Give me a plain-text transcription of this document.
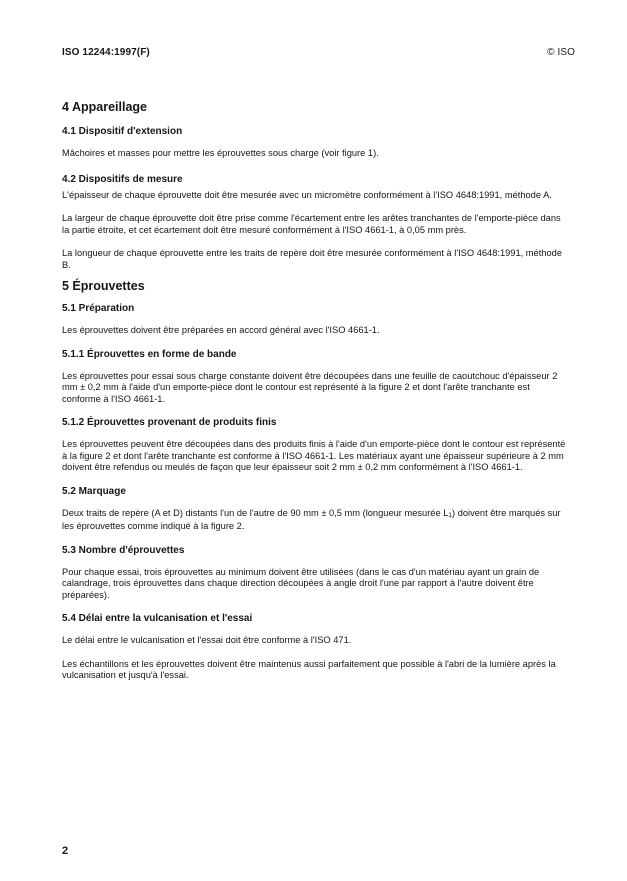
ISO 12244:1997(F)	© ISO
4 Appareillage
4.1 Dispositif d'extension
Mâchoires et masses pour mettre les éprouvettes sous charge (voir figure 1).
4.2 Dispositifs de mesure
L'épaisseur de chaque éprouvette doit être mesurée avec un micromètre conformément à l'ISO 4648:1991, méthode A.
La largeur de chaque éprouvette doit être prise comme l'écartement entre les arêtes tranchantes de l'emporte-pièce dans la partie étroite, et cet écartement doit être mesuré conformément à l'ISO 4661-1, à 0,05 mm près.
La longueur de chaque éprouvette entre les traits de repère doit être mesurée conformément à l'ISO 4648:1991, méthode B.
5 Éprouvettes
5.1 Préparation
Les éprouvettes doivent être préparées en accord général avec l'ISO 4661-1.
5.1.1 Éprouvettes en forme de bande
Les éprouvettes pour essai sous charge constante doivent être découpées dans une feuille de caoutchouc d'épaisseur 2 mm ± 0,2 mm à l'aide d'un emporte-pièce dont le contour est représenté à la figure 2 et dont l'arête tranchante est conforme à l'ISO 4661-1.
5.1.2 Éprouvettes provenant de produits finis
Les éprouvettes peuvent être découpées dans des produits finis à l'aide d'un emporte-pièce dont le contour est représenté à la figure 2 et dont l'arête tranchante est conforme à l'ISO 4661-1. Les matériaux ayant une épaisseur supérieure à 2 mm doivent être refendus ou meulés de façon que leur épaisseur soit 2 mm ± 0,2 mm conformément à l'ISO 4661-1.
5.2 Marquage
Deux traits de repère (A et D) distants l'un de l'autre de 90 mm ± 0,5 mm (longueur mesurée $L_1$) doivent être marqués sur les éprouvettes comme indiqué à la figure 2.
5.3 Nombre d'éprouvettes
Pour chaque essai, trois éprouvettes au minimum doivent être utilisées (dans le cas d'un matériau ayant un grain de calandrage, trois éprouvettes dans chaque direction découpées à angle droit l'une par rapport à l'autre doivent être préparées).
5.4 Délai entre la vulcanisation et l'essai
Le délai entre le vulcanisation et l'essai doit être conforme à l'ISO 471.
Les échantillons et les éprouvettes doivent être maintenus aussi parfaitement que possible à l'abri de la lumière après la vulcanisation et jusqu'à l'essai.
2
